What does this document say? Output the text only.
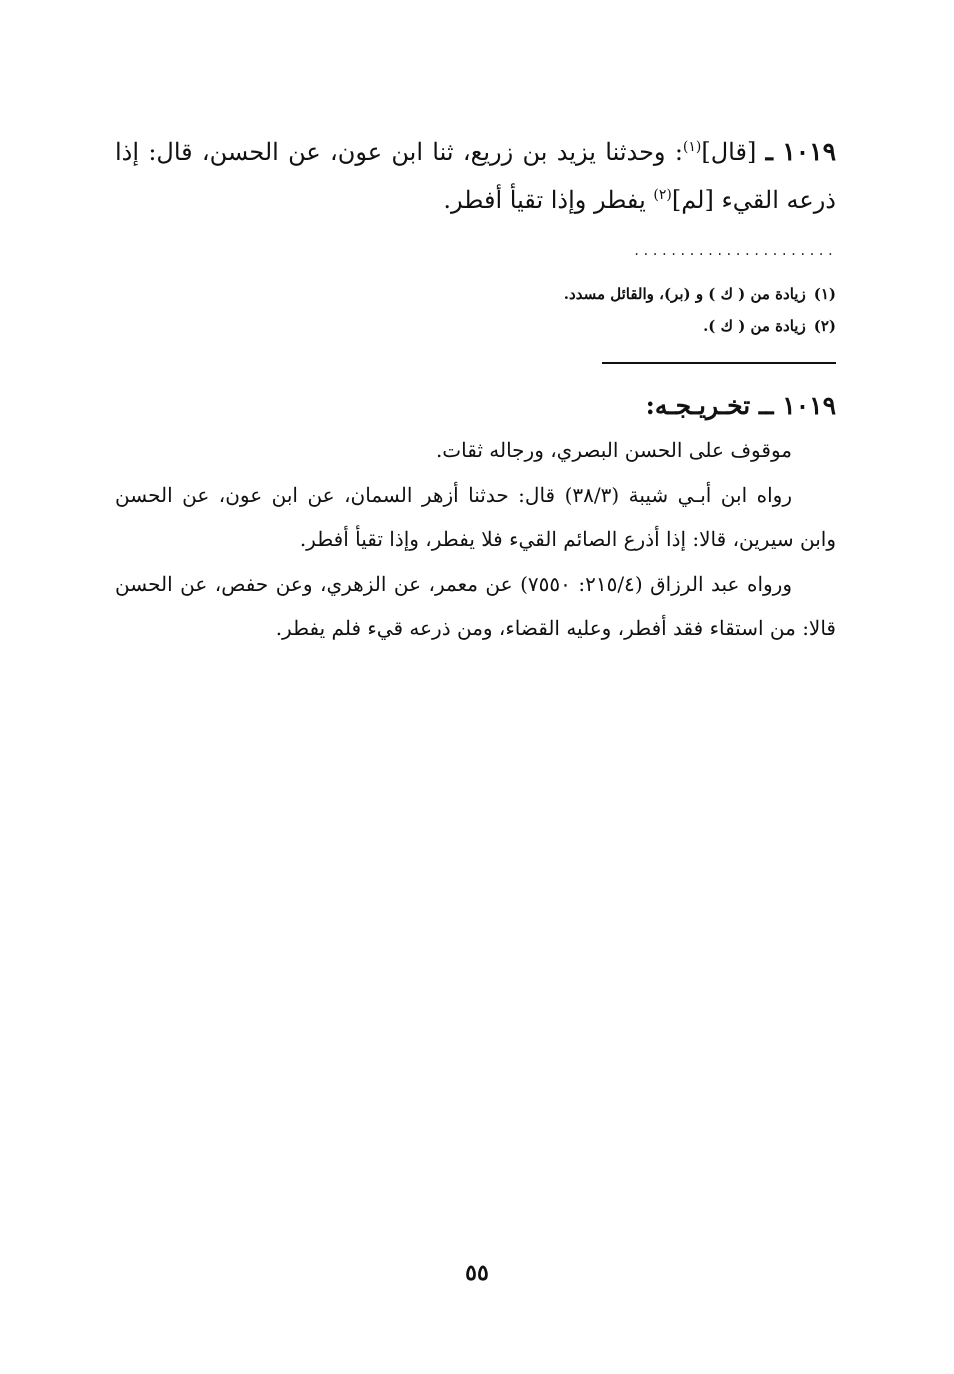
١٠١٩ ـ [قال]$^{(١)}$: وحدثنا يزيد بن زريع، ثنا ابن عون، عن الحسن، قال: إذا ذرعه القيء [لم]$^{(٢)}$ يفطر وإذا تقيأ أفطر.
......................
(١)زيادة من ( ك ) و (بر)، والقائل مسدد.
(٢)زيادة من ( ك ).
١٠١٩ ــ تخـريـجـه:
موقوف على الحسن البصري، ورجاله ثقات.
رواه ابن أبـي شيبة (٣٨/٣) قال: حدثنا أزهر السمان، عن ابن عون، عن الحسن وابن سيرين، قالا: إذا أذرع الصائم القيء فلا يفطر، وإذا تقيأ أفطر.
ورواه عبد الرزاق (٢١٥/٤: ٧٥٥٠) عن معمر، عن الزهري، وعن حفص، عن الحسن قالا: من استقاء فقد أفطر، وعليه القضاء، ومن ذرعه قيء فلم يفطر.
٥٥
